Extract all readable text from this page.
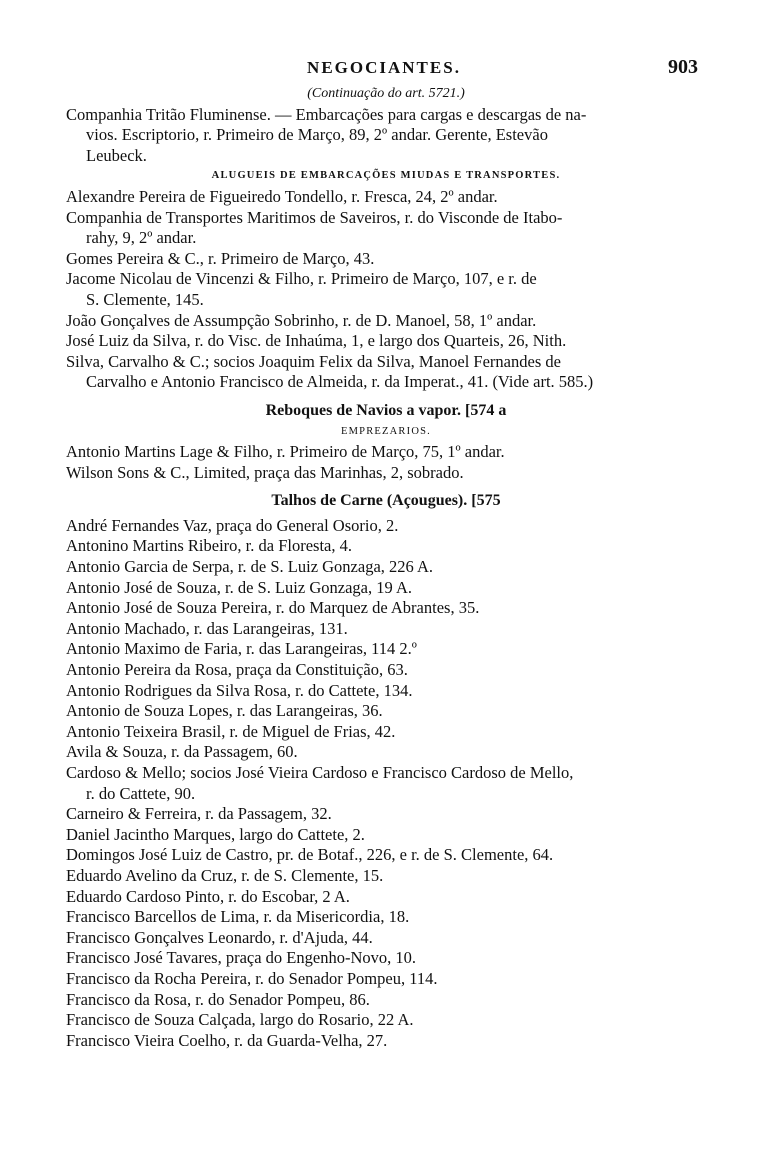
NEGOCIANTES.	903
(Continuação do art. 5721.)
Companhia Tritão Fluminense. — Embarcações para cargas e descargas de na-
vios. Escriptorio, r. Primeiro de Março, 89, 2º andar. Gerente, Estevão
Leubeck.
ALUGUEIS DE EMBARCAÇÕES MIUDAS E TRANSPORTES.
Alexandre Pereira de Figueiredo Tondello, r. Fresca, 24, 2º andar.
Companhia de Transportes Maritimos de Saveiros, r. do Visconde de Itabo-
rahy, 9, 2º andar.
Gomes Pereira & C., r. Primeiro de Março, 43.
Jacome Nicolau de Vincenzi & Filho, r. Primeiro de Março, 107, e r. de
S. Clemente, 145.
João Gonçalves de Assumpção Sobrinho, r. de D. Manoel, 58, 1º andar.
José Luiz da Silva, r. do Visc. de Inhaúma, 1, e largo dos Quarteis, 26, Nith.
Silva, Carvalho & C.; socios Joaquim Felix da Silva, Manoel Fernandes de
Carvalho e Antonio Francisco de Almeida, r. da Imperat., 41. (Vide art. 585.)
Reboques de Navios a vapor. [574 a
EMPREZARIOS.
Antonio Martins Lage & Filho, r. Primeiro de Março, 75, 1º andar.
Wilson Sons & C., Limited, praça das Marinhas, 2, sobrado.
Talhos de Carne (Açougues). [575
André Fernandes Vaz, praça do General Osorio, 2.
Antonino Martins Ribeiro, r. da Floresta, 4.
Antonio Garcia de Serpa, r. de S. Luiz Gonzaga, 226 A.
Antonio José de Souza, r. de S. Luiz Gonzaga, 19 A.
Antonio José de Souza Pereira, r. do Marquez de Abrantes, 35.
Antonio Machado, r. das Larangeiras, 131.
Antonio Maximo de Faria, r. das Larangeiras, 114 2.º
Antonio Pereira da Rosa, praça da Constituição, 63.
Antonio Rodrigues da Silva Rosa, r. do Cattete, 134.
Antonio de Souza Lopes, r. das Larangeiras, 36.
Antonio Teixeira Brasil, r. de Miguel de Frias, 42.
Avila & Souza, r. da Passagem, 60.
Cardoso & Mello; socios José Vieira Cardoso e Francisco Cardoso de Mello,
r. do Cattete, 90.
Carneiro & Ferreira, r. da Passagem, 32.
Daniel Jacintho Marques, largo do Cattete, 2.
Domingos José Luiz de Castro, pr. de Botaf., 226, e r. de S. Clemente, 64.
Eduardo Avelino da Cruz, r. de S. Clemente, 15.
Eduardo Cardoso Pinto, r. do Escobar, 2 A.
Francisco Barcellos de Lima, r. da Misericordia, 18.
Francisco Gonçalves Leonardo, r. d'Ajuda, 44.
Francisco José Tavares, praça do Engenho-Novo, 10.
Francisco da Rocha Pereira, r. do Senador Pompeu, 114.
Francisco da Rosa, r. do Senador Pompeu, 86.
Francisco de Souza Calçada, largo do Rosario, 22 A.
Francisco Vieira Coelho, r. da Guarda-Velha, 27.
